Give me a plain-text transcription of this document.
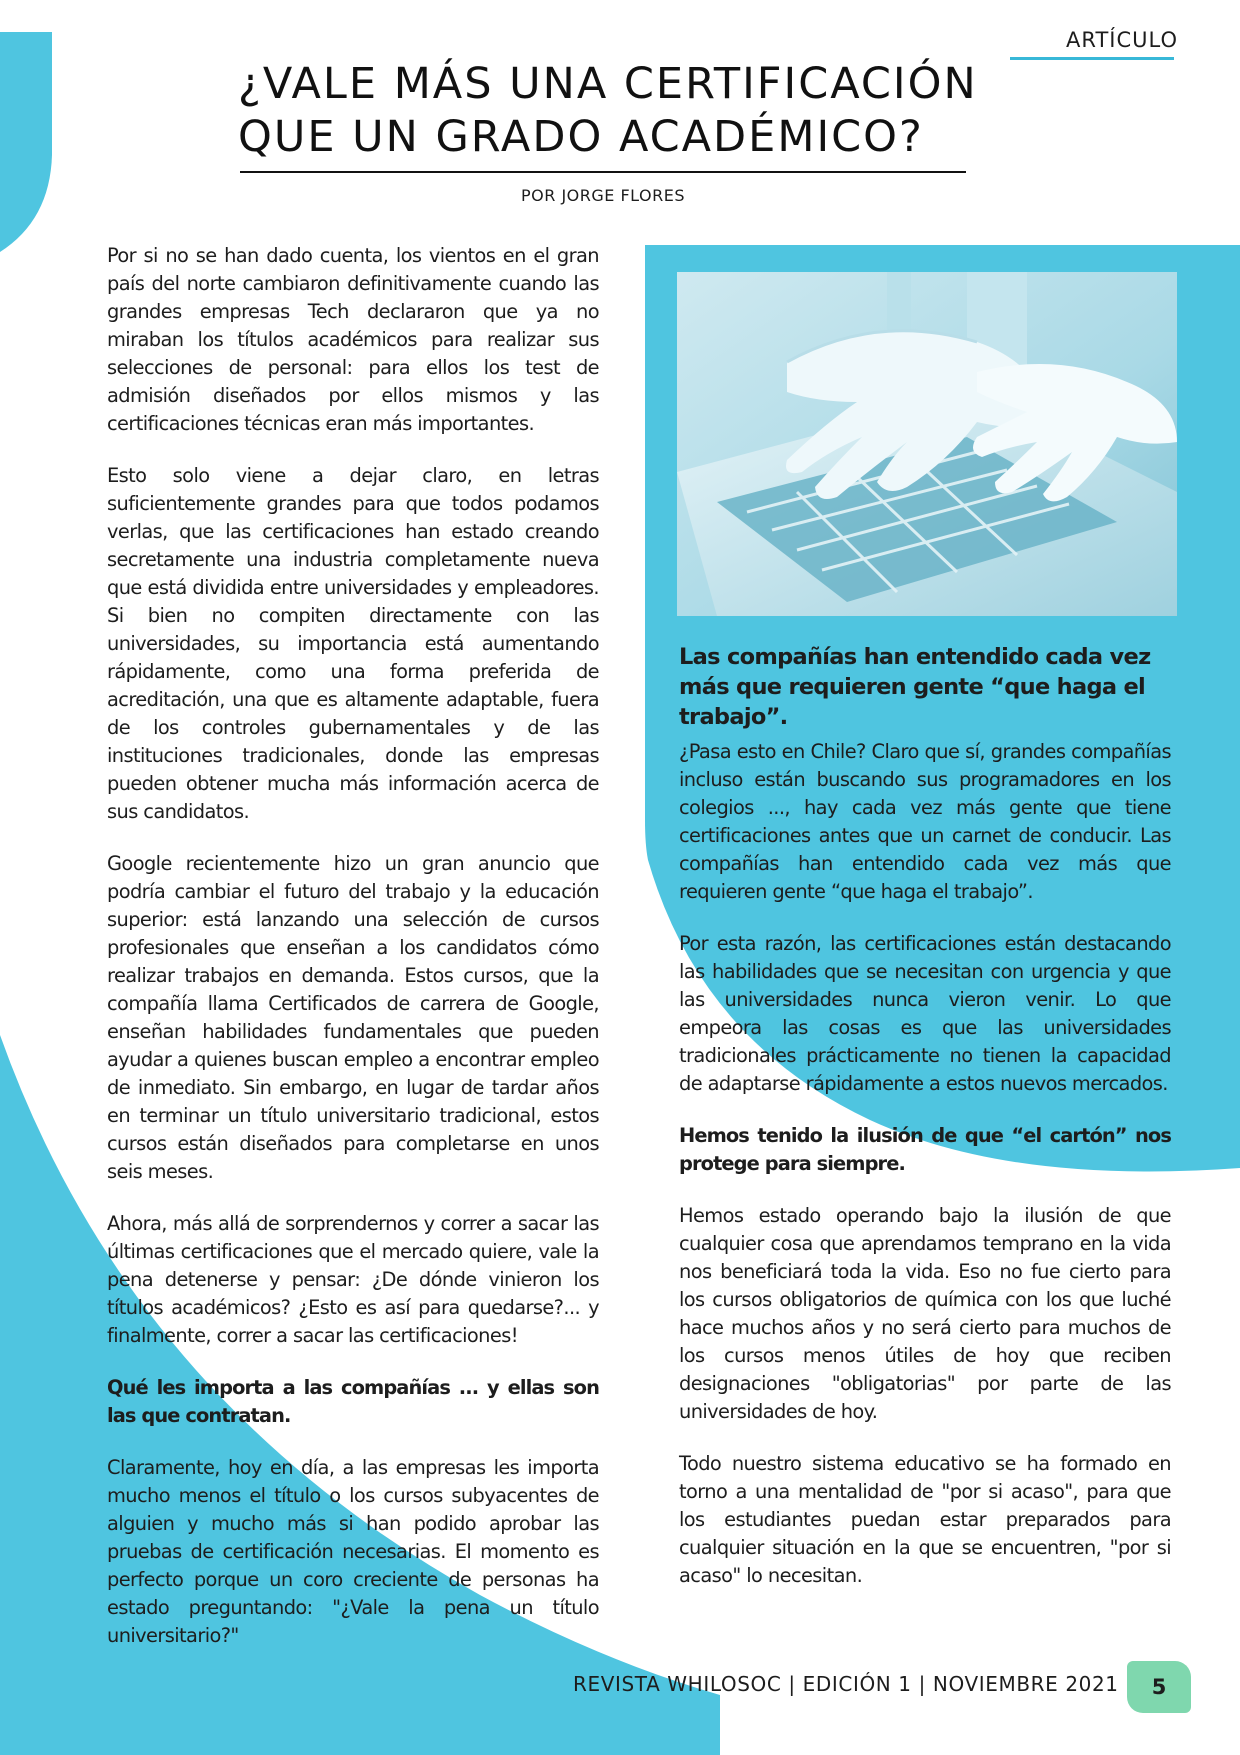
ARTÍCULO
¿VALE MÁS UNA CERTIFICACIÓN
QUE UN GRADO ACADÉMICO?
POR JORGE FLORES

Por si no se han dado cuenta, los vientos en el gran país del norte cambiaron definitivamente cuando las grandes empresas Tech declararon que ya no miraban los títulos académicos para realizar sus selecciones de personal: para ellos los test de admisión diseñados por ellos mismos y las certificaciones técnicas eran más importantes.

Esto solo viene a dejar claro, en letras suficientemente grandes para que todos podamos verlas, que las certificaciones han estado creando secretamente una industria completamente nueva que está dividida entre universidades y empleadores. Si bien no compiten directamente con las universidades, su importancia está aumentando rápidamente, como una forma preferida de acreditación, una que es altamente adaptable, fuera de los controles gubernamentales y de las instituciones tradicionales, donde las empresas pueden obtener mucha más información acerca de sus candidatos.

Google recientemente hizo un gran anuncio que podría cambiar el futuro del trabajo y la educación superior: está lanzando una selección de cursos profesionales que enseñan a los candidatos cómo realizar trabajos en demanda. Estos cursos, que la compañía llama Certificados de carrera de Google, enseñan habilidades fundamentales que pueden ayudar a quienes buscan empleo a encontrar empleo de inmediato. Sin embargo, en lugar de tardar años en terminar un título universitario tradicional, estos cursos están diseñados para completarse en unos seis meses.

Ahora, más allá de sorprendernos y correr a sacar las últimas certificaciones que el mercado quiere, vale la pena detenerse y pensar: ¿De dónde vinieron los títulos académicos? ¿Esto es así para quedarse?... y finalmente, correr a sacar las certificaciones!

Qué les importa a las compañías ... y ellas son las que contratan.

Claramente, hoy en día, a las empresas les importa mucho menos el título o los cursos subyacentes de alguien y mucho más si han podido aprobar las pruebas de certificación necesarias. El momento es perfecto porque un coro creciente de personas ha estado preguntando: "¿Vale la pena un título universitario?"

Las compañías han entendido cada vez más que requieren gente “que haga el trabajo”.

¿Pasa esto en Chile? Claro que sí, grandes compañías incluso están buscando sus programadores en los colegios ..., hay cada vez más gente que tiene certificaciones antes que un carnet de conducir. Las compañías han entendido cada vez más que requieren gente “que haga el trabajo”.

Por esta razón, las certificaciones están destacando las habilidades que se necesitan con urgencia y que las universidades nunca vieron venir. Lo que empeora las cosas es que las universidades tradicionales prácticamente no tienen la capacidad de adaptarse rápidamente a estos nuevos mercados.

Hemos tenido la ilusión de que “el cartón” nos protege para siempre.

Hemos estado operando bajo la ilusión de que cualquier cosa que aprendamos temprano en la vida nos beneficiará toda la vida. Eso no fue cierto para los cursos obligatorios de química con los que luché hace muchos años y no será cierto para muchos de los cursos menos útiles de hoy que reciben designaciones "obligatorias" por parte de las universidades de hoy.

Todo nuestro sistema educativo se ha formado en torno a una mentalidad de "por si acaso", para que los estudiantes puedan estar preparados para cualquier situación en la que se encuentren, "por si acaso" lo necesitan.

REVISTA WHILOSOC | EDICIÓN 1 | NOVIEMBRE 2021 5
